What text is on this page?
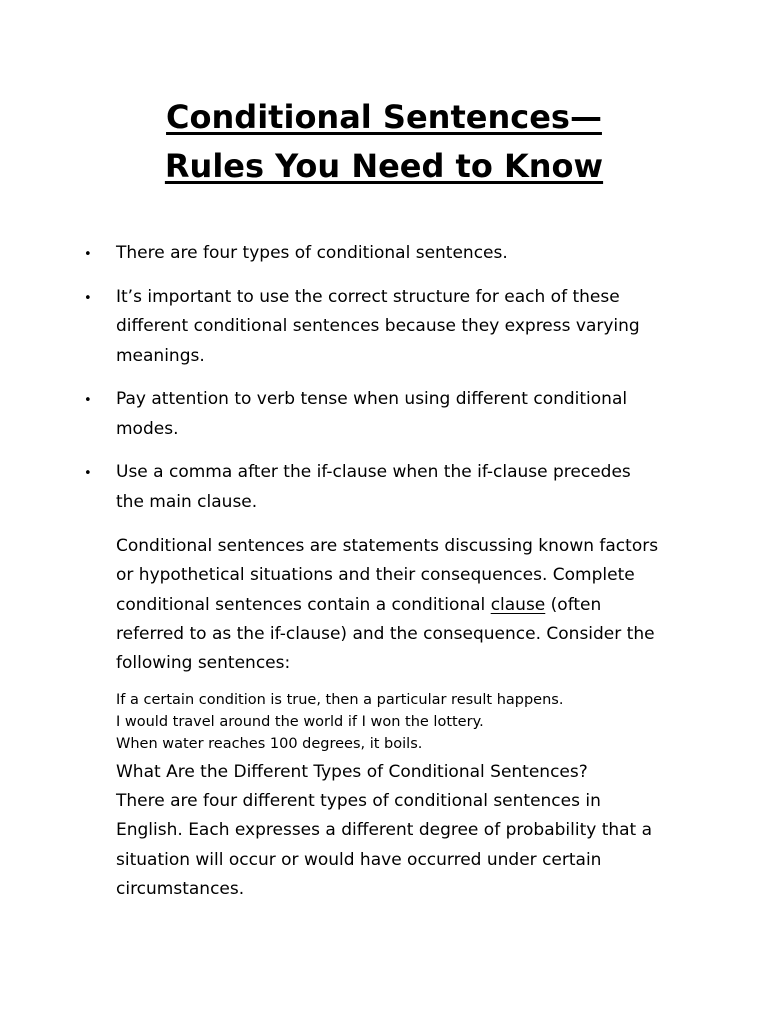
Conditional Sentences—
Rules You Need to Know
• There are four types of conditional sentences.
• It’s important to use the correct structure for each of these different conditional sentences because they express varying meanings.
• Pay attention to verb tense when using different conditional modes.
• Use a comma after the if-clause when the if-clause precedes the main clause.

Conditional sentences are statements discussing known factors or hypothetical situations and their consequences. Complete conditional sentences contain a conditional clause (often referred to as the if-clause) and the consequence. Consider the following sentences:

If a certain condition is true, then a particular result happens.
I would travel around the world if I won the lottery.
When water reaches 100 degrees, it boils.
What Are the Different Types of Conditional Sentences?

There are four different types of conditional sentences in English. Each expresses a different degree of probability that a situation will occur or would have occurred under certain circumstances.
